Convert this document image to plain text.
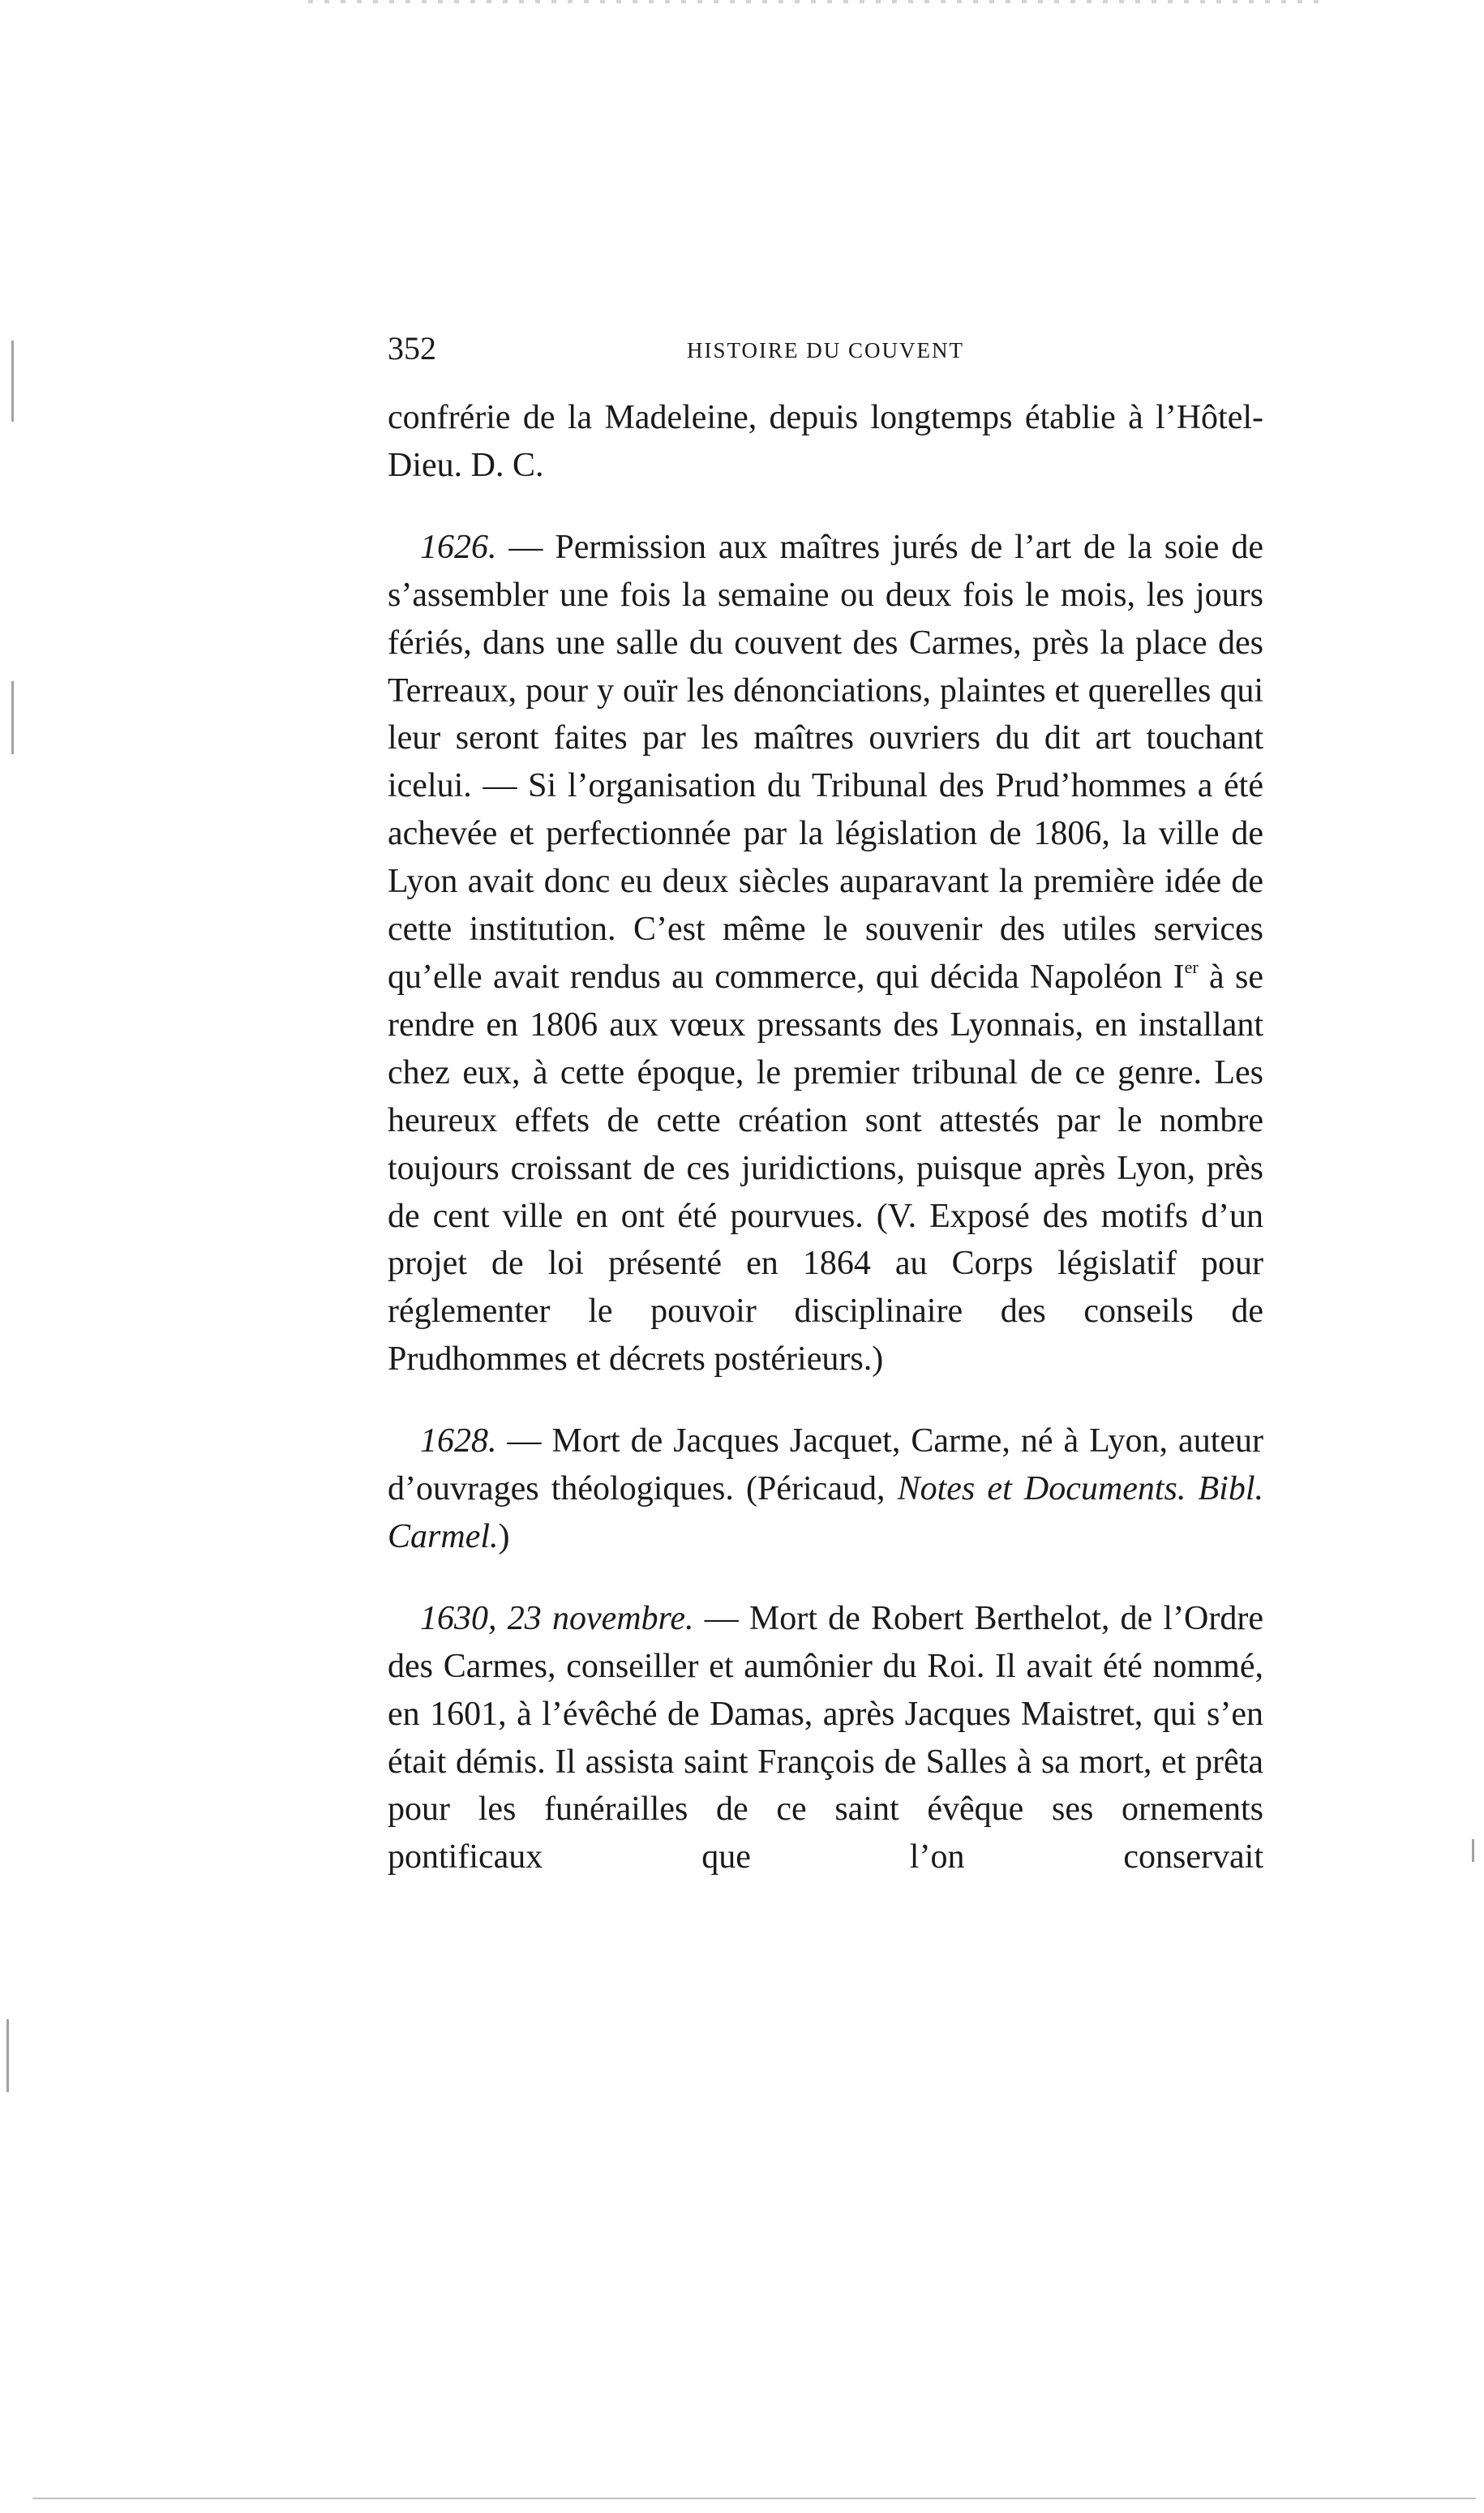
352	HISTOIRE DU COUVENT

confrérie de la Madeleine, depuis longtemps établie à l’Hôtel-Dieu. D. C.

1626. — Permission aux maîtres jurés de l’art de la soie de s’assembler une fois la semaine ou deux fois le mois, les jours fériés, dans une salle du couvent des Carmes, près la place des Terreaux, pour y ouïr les dénonciations, plaintes et querelles qui leur seront faites par les maîtres ouvriers du dit art touchant icelui. — Si l’organisation du Tribunal des Prud’hommes a été achevée et perfectionnée par la législation de 1806, la ville de Lyon avait donc eu deux siècles auparavant la première idée de cette institution. C’est même le souvenir des utiles services qu’elle avait rendus au commerce, qui décida Napoléon Ier à se rendre en 1806 aux vœux pressants des Lyonnais, en installant chez eux, à cette époque, le premier tribunal de ce genre. Les heureux effets de cette création sont attestés par le nombre toujours croissant de ces juridictions, puisque après Lyon, près de cent ville en ont été pourvues. (V. Exposé des motifs d’un projet de loi présenté en 1864 au Corps législatif pour réglementer le pouvoir disciplinaire des conseils de Prudhommes et décrets postérieurs.)

1628. — Mort de Jacques Jacquet, Carme, né à Lyon, auteur d’ouvrages théologiques. (Péricaud, Notes et Documents. Bibl. Carmel.)

1630, 23 novembre. — Mort de Robert Berthelot, de l’Ordre des Carmes, conseiller et aumônier du Roi. Il avait été nommé, en 1601, à l’évêché de Damas, après Jacques Maistret, qui s’en était démis. Il assista saint François de Salles à sa mort, et prêta pour les funérailles de ce saint évêque ses ornements pontificaux que l’on conservait
